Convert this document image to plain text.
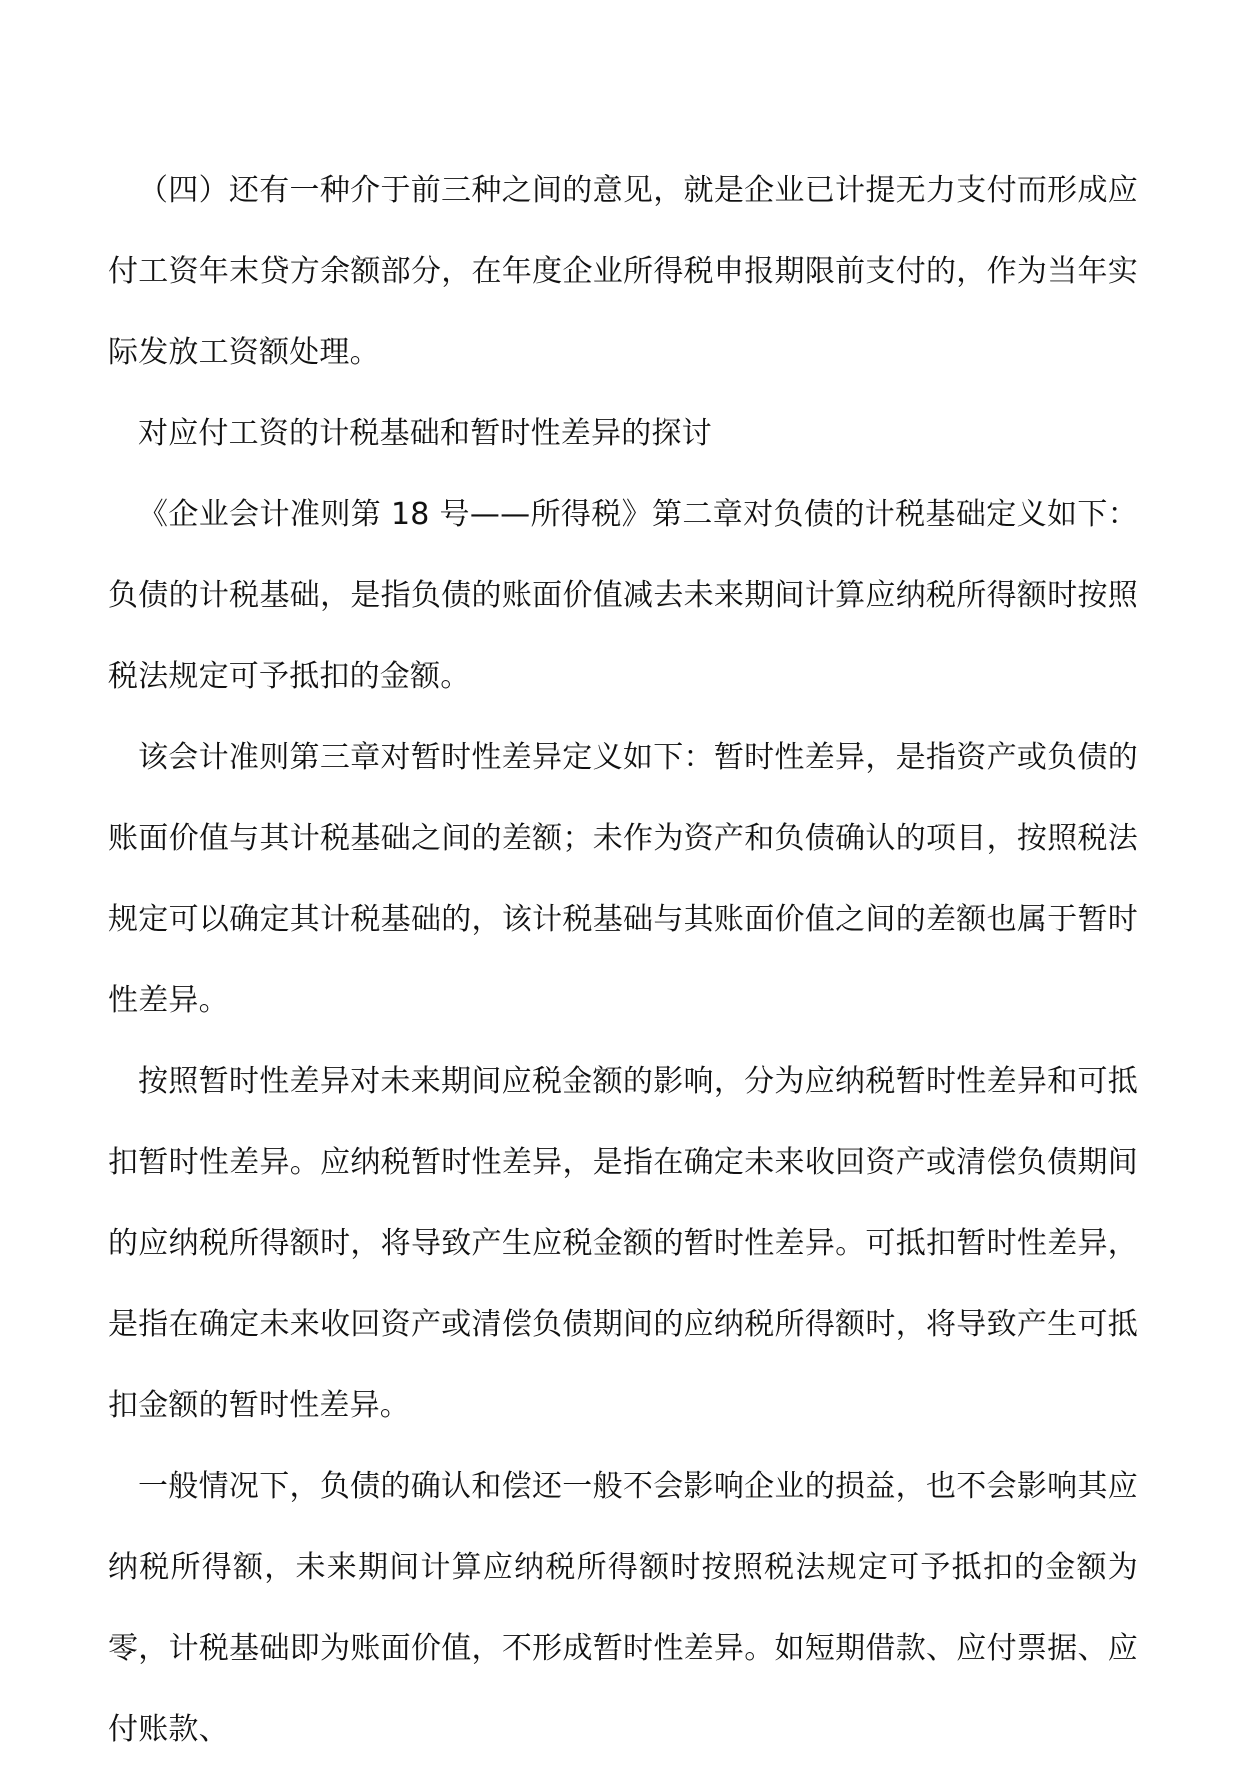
（四）还有一种介于前三种之间的意见，就是企业已计提无力支付而形成应付工资年末贷方余额部分，在年度企业所得税申报期限前支付的，作为当年实际发放工资额处理。

对应付工资的计税基础和暂时性差异的探讨

《企业会计准则第 18 号——所得税》第二章对负债的计税基础定义如下：负债的计税基础，是指负债的账面价值减去未来期间计算应纳税所得额时按照税法规定可予抵扣的金额。

该会计准则第三章对暂时性差异定义如下：暂时性差异，是指资产或负债的账面价值与其计税基础之间的差额；未作为资产和负债确认的项目，按照税法规定可以确定其计税基础的，该计税基础与其账面价值之间的差额也属于暂时性差异。

按照暂时性差异对未来期间应税金额的影响，分为应纳税暂时性差异和可抵扣暂时性差异。应纳税暂时性差异，是指在确定未来收回资产或清偿负债期间的应纳税所得额时，将导致产生应税金额的暂时性差异。可抵扣暂时性差异，是指在确定未来收回资产或清偿负债期间的应纳税所得额时，将导致产生可抵扣金额的暂时性差异。

一般情况下，负债的确认和偿还一般不会影响企业的损益，也不会影响其应纳税所得额，未来期间计算应纳税所得额时按照税法规定可予抵扣的金额为零，计税基础即为账面价值，不形成暂时性差异。如短期借款、应付票据、应付账款、
